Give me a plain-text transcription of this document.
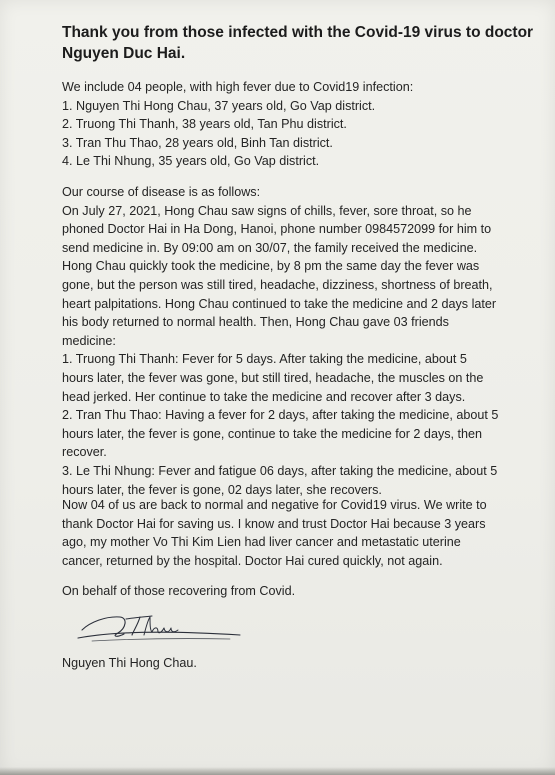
Thank you from those infected with the Covid-19 virus to doctor
Nguyen Duc Hai.

We include 04 people, with high fever due to Covid19 infection:
1. Nguyen Thi Hong Chau, 37 years old, Go Vap district.
2. Truong Thi Thanh, 38 years old, Tan Phu district.
3. Tran Thu Thao, 28 years old, Binh Tan district.
4. Le Thi Nhung, 35 years old, Go Vap district.

Our course of disease is as follows:
On July 27, 2021, Hong Chau saw signs of chills, fever, sore throat, so he
phoned Doctor Hai in Ha Dong, Hanoi, phone number 0984572099 for him to
send medicine in. By 09:00 am on 30/07, the family received the medicine.
Hong Chau quickly took the medicine, by 8 pm the same day the fever was
gone, but the person was still tired, headache, dizziness, shortness of breath,
heart palpitations. Hong Chau continued to take the medicine and 2 days later
his body returned to normal health. Then, Hong Chau gave 03 friends
medicine:
1. Truong Thi Thanh: Fever for 5 days. After taking the medicine, about 5
hours later, the fever was gone, but still tired, headache, the muscles on the
head jerked. Her continue to take the medicine and recover after 3 days.
2. Tran Thu Thao: Having a fever for 2 days, after taking the medicine, about 5
hours later, the fever is gone, continue to take the medicine for 2 days, then
recover.
3. Le Thi Nhung: Fever and fatigue 06 days, after taking the medicine, about 5
hours later, the fever is gone, 02 days later, she recovers.

Now 04 of us are back to normal and negative for Covid19 virus. We write to
thank Doctor Hai for saving us. I know and trust Doctor Hai because 3 years
ago, my mother Vo Thi Kim Lien had liver cancer and metastatic uterine
cancer, returned by the hospital. Doctor Hai cured quickly, not again.

On behalf of those recovering from Covid.

Nguyen Thi Hong Chau.
